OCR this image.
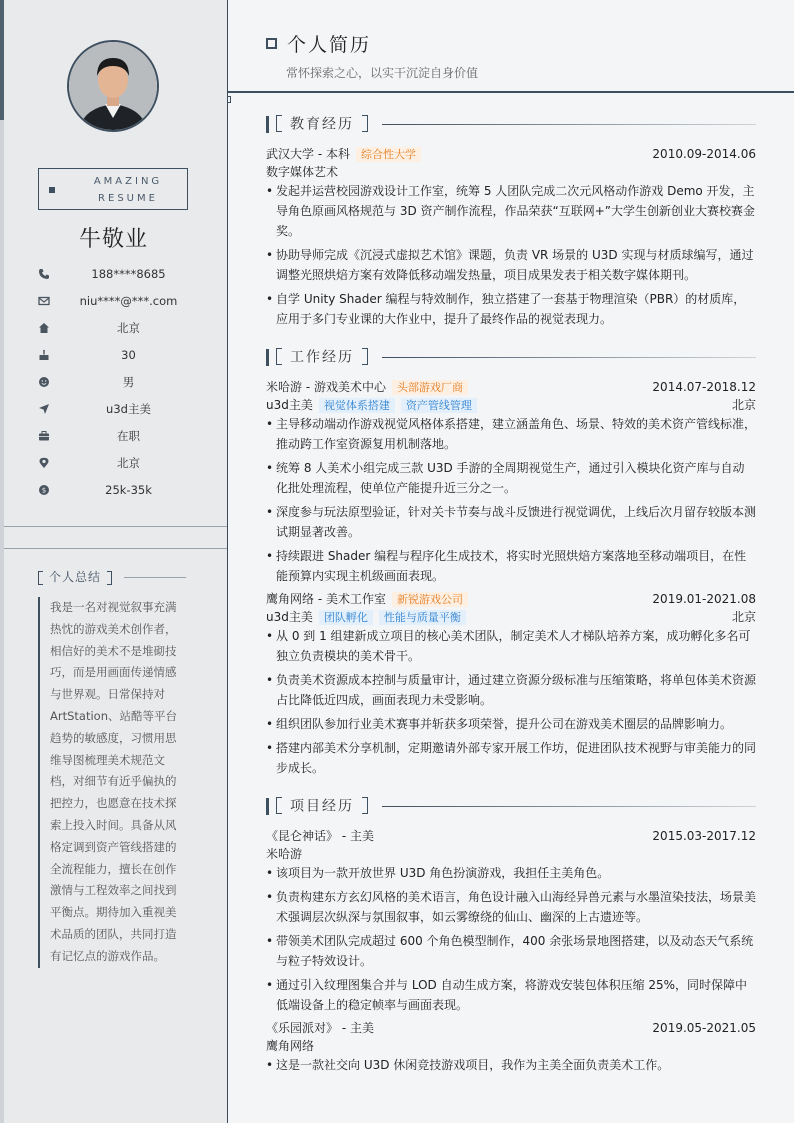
AMAZING
RESUME
牛敬业
188****8685
niu****@***.com
北京
30
男
u3d主美
在职
北京
$	25k-35k
个人总结
我是一名对视觉叙事充满热忱的游戏美术创作者，相信好的美术不是堆砌技巧，而是用画面传递情感与世界观。日常保持对ArtStation、站酷等平台趋势的敏感度，习惯用思维导图梳理美术规范文档，对细节有近乎偏执的把控力，也愿意在技术探索上投入时间。具备从风格定调到资产管线搭建的全流程能力，擅长在创作激情与工程效率之间找到平衡点。期待加入重视美术品质的团队，共同打造有记忆点的游戏作品。
个人简历
常怀探索之心，以实干沉淀自身价值
教育经历
武汉大学 - 本科 综合性大学	2010.09-2014.06
数字媒体艺术
• 发起并运营校园游戏设计工作室，统筹 5 人团队完成二次元风格动作游戏 Demo 开发，主导角色原画风格规范与 3D 资产制作流程，作品荣获“互联网+”大学生创新创业大赛校赛金奖。
• 协助导师完成《沉浸式虚拟艺术馆》课题，负责 VR 场景的 U3D 实现与材质球编写，通过调整光照烘焙方案有效降低移动端发热量，项目成果发表于相关数字媒体期刊。
• 自学 Unity Shader 编程与特效制作，独立搭建了一套基于物理渲染（PBR）的材质库，应用于多门专业课的大作业中，提升了最终作品的视觉表现力。
工作经历
米哈游 - 游戏美术中心 头部游戏厂商	2014.07-2018.12
u3d主美 视觉体系搭建 资产管线管理	北京
• 主导移动端动作游戏视觉风格体系搭建，建立涵盖角色、场景、特效的美术资产管线标准，推动跨工作室资源复用机制落地。
• 统筹 8 人美术小组完成三款 U3D 手游的全周期视觉生产，通过引入模块化资产库与自动化批处理流程，使单位产能提升近三分之一。
• 深度参与玩法原型验证，针对关卡节奏与战斗反馈进行视觉调优，上线后次月留存较版本测试期显著改善。
• 持续跟进 Shader 编程与程序化生成技术，将实时光照烘焙方案落地至移动端项目，在性能预算内实现主机级画面表现。
鹰角网络 - 美术工作室 新锐游戏公司	2019.01-2021.08
u3d主美 团队孵化 性能与质量平衡	北京
• 从 0 到 1 组建新成立项目的核心美术团队，制定美术人才梯队培养方案，成功孵化多名可独立负责模块的美术骨干。
• 负责美术资源成本控制与质量审计，通过建立资源分级标准与压缩策略，将单包体美术资源占比降低近四成，画面表现力未受影响。
• 组织团队参加行业美术赛事并斩获多项荣誉，提升公司在游戏美术圈层的品牌影响力。
• 搭建内部美术分享机制，定期邀请外部专家开展工作坊，促进团队技术视野与审美能力的同步成长。
项目经历
《昆仑神话》 - 主美	2015.03-2017.12
米哈游
• 该项目为一款开放世界 U3D 角色扮演游戏，我担任主美角色。
• 负责构建东方玄幻风格的美术语言，角色设计融入山海经异兽元素与水墨渲染技法，场景美术强调层次纵深与氛围叙事，如云雾缭绕的仙山、幽深的上古遗迹等。
• 带领美术团队完成超过 600 个角色模型制作，400 余张场景地图搭建，以及动态天气系统与粒子特效设计。
• 通过引入纹理图集合并与 LOD 自动生成方案，将游戏安装包体积压缩 25%，同时保障中低端设备上的稳定帧率与画面表现。
《乐园派对》 - 主美	2019.05-2021.05
鹰角网络
• 这是一款社交向 U3D 休闲竞技游戏项目，我作为主美全面负责美术工作。
